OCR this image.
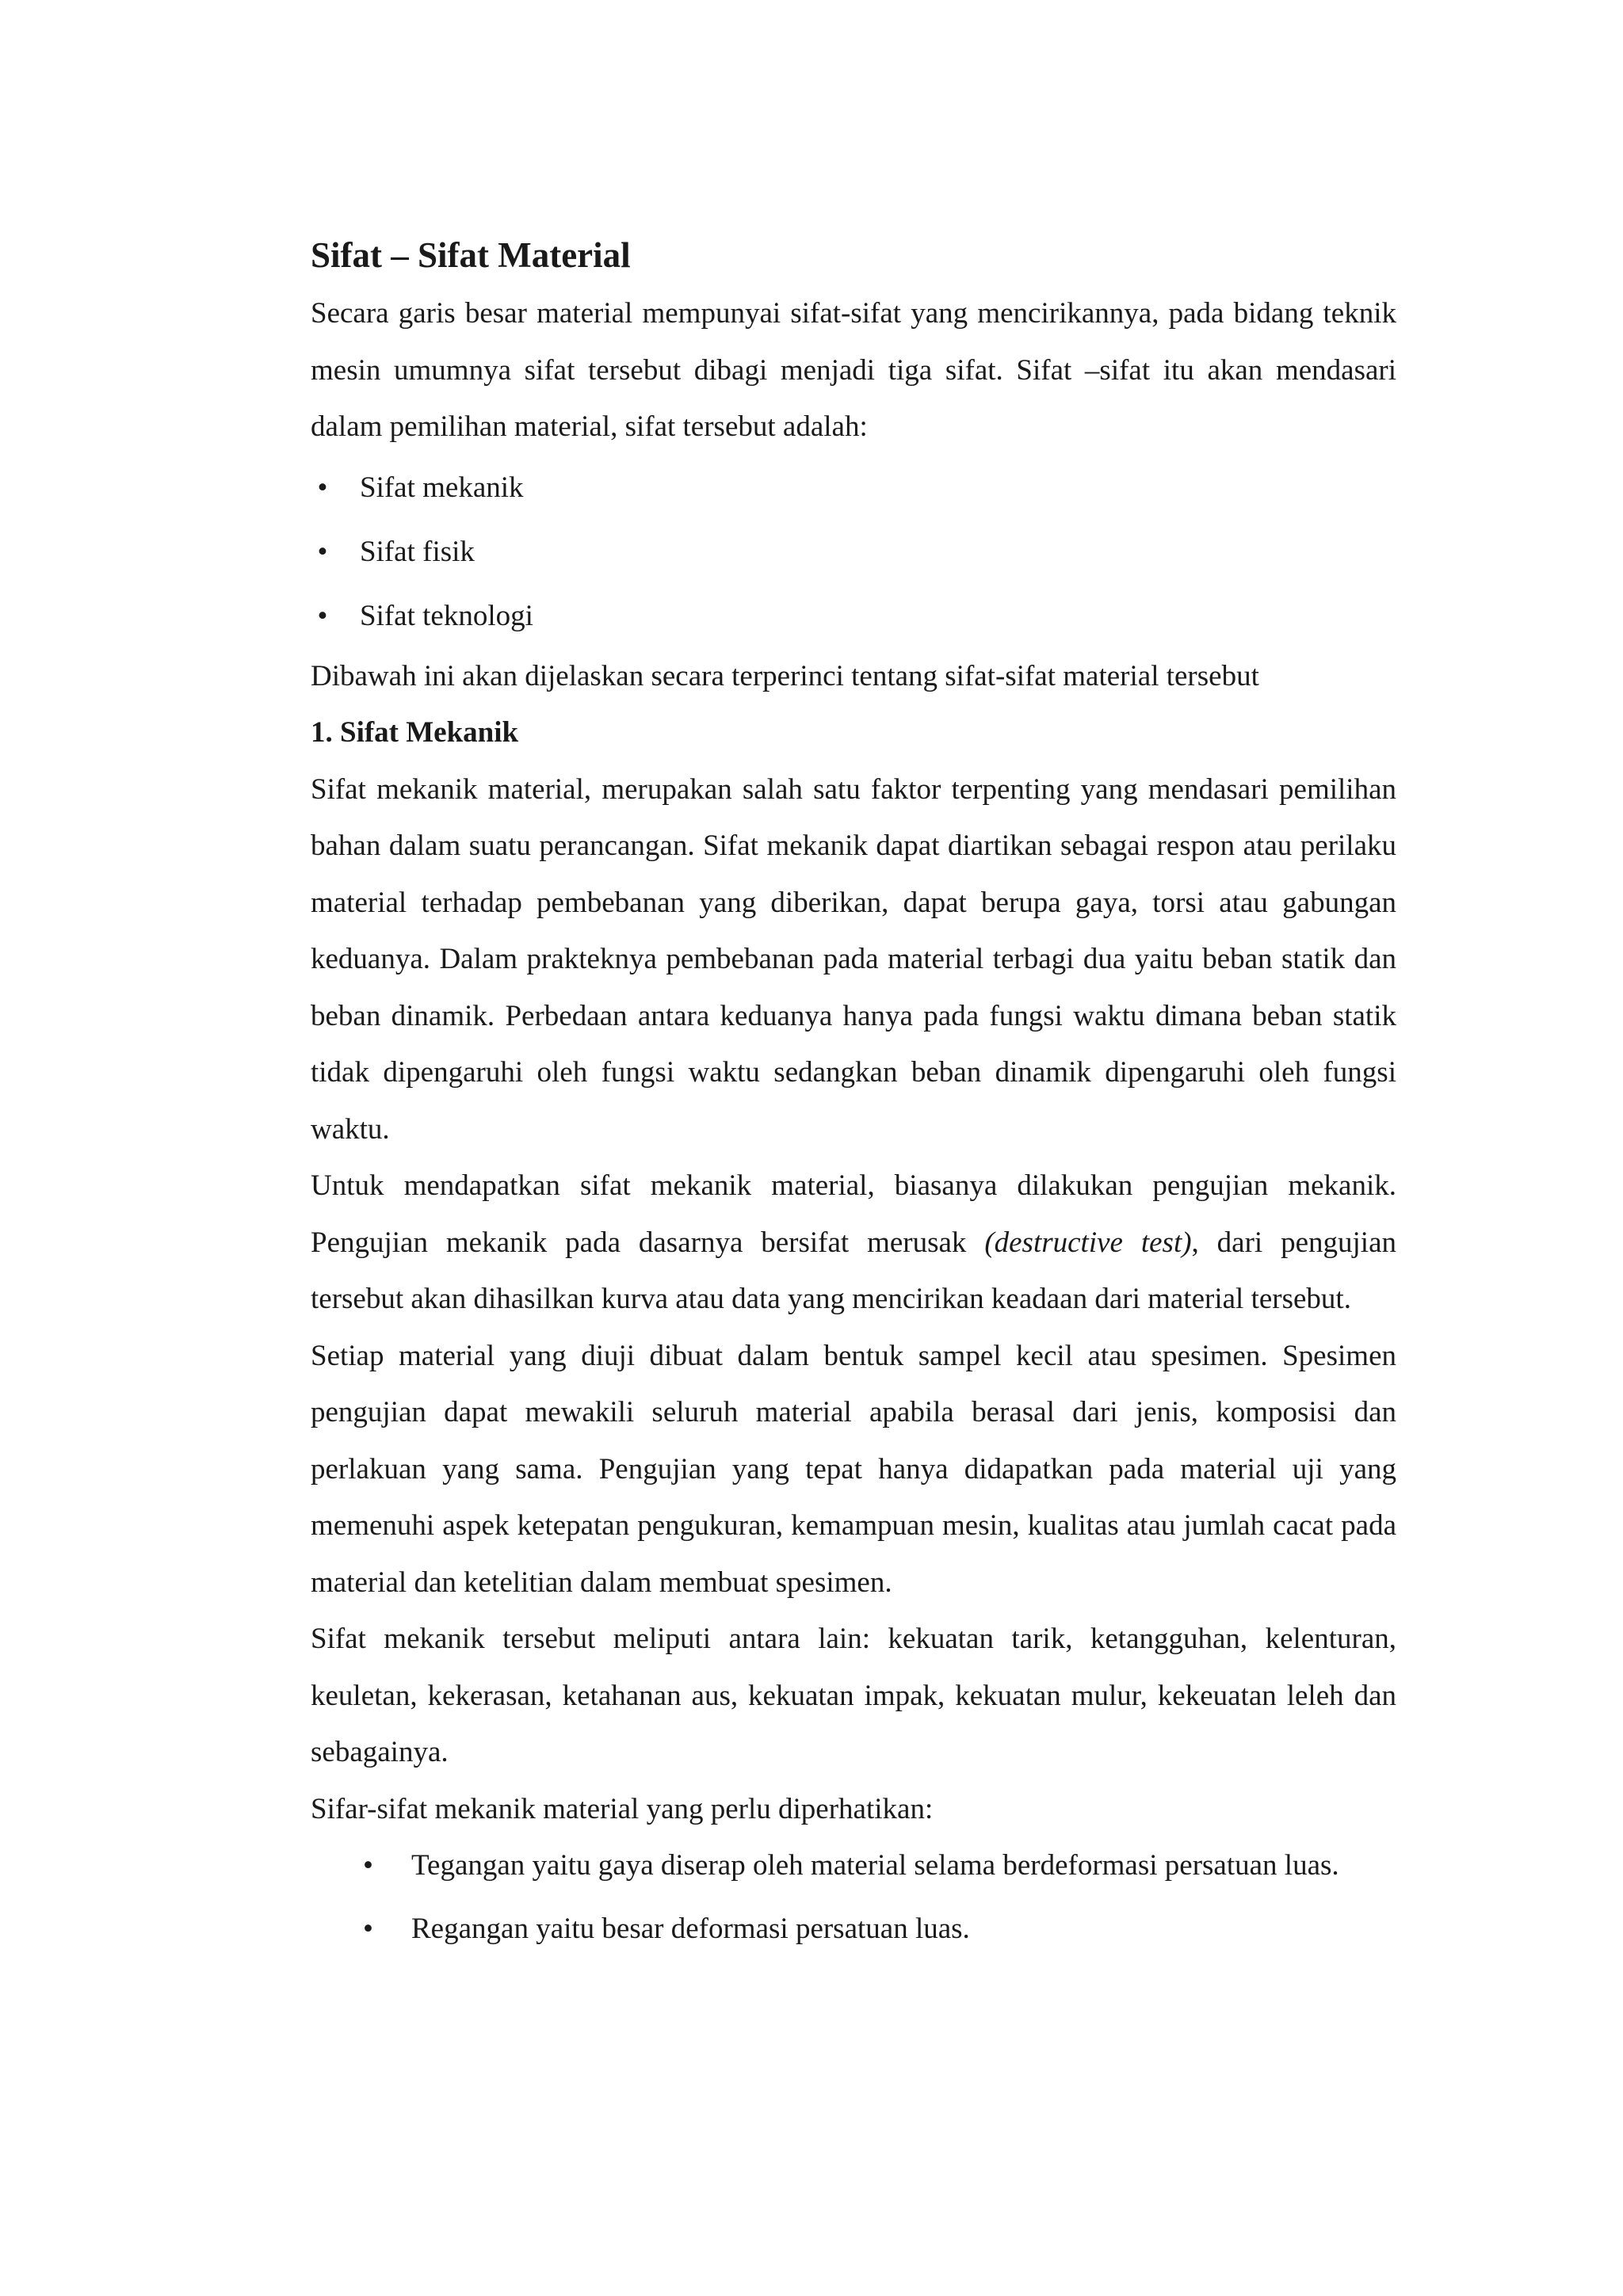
Sifat – Sifat Material

Secara garis besar material mempunyai sifat-sifat yang mencirikannya, pada bidang teknik mesin umumnya sifat tersebut dibagi menjadi tiga sifat. Sifat –sifat itu akan mendasari dalam pemilihan material, sifat tersebut adalah:

• Sifat mekanik
• Sifat fisik
• Sifat teknologi

Dibawah ini akan dijelaskan secara terperinci tentang sifat-sifat material tersebut

1. Sifat Mekanik

Sifat mekanik material, merupakan salah satu faktor terpenting yang mendasari pemilihan bahan dalam suatu perancangan. Sifat mekanik dapat diartikan sebagai respon atau perilaku material terhadap pembebanan yang diberikan, dapat berupa gaya, torsi atau gabungan keduanya. Dalam prakteknya pembebanan pada material terbagi dua yaitu beban statik dan beban dinamik. Perbedaan antara keduanya hanya pada fungsi waktu dimana beban statik tidak dipengaruhi oleh fungsi waktu sedangkan beban dinamik dipengaruhi oleh fungsi waktu.

Untuk mendapatkan sifat mekanik material, biasanya dilakukan pengujian mekanik. Pengujian mekanik pada dasarnya bersifat merusak (destructive test), dari pengujian tersebut akan dihasilkan kurva atau data yang mencirikan keadaan dari material tersebut.

Setiap material yang diuji dibuat dalam bentuk sampel kecil atau spesimen. Spesimen pengujian dapat mewakili seluruh material apabila berasal dari jenis, komposisi dan perlakuan yang sama. Pengujian yang tepat hanya didapatkan pada material uji yang memenuhi aspek ketepatan pengukuran, kemampuan mesin, kualitas atau jumlah cacat pada material dan ketelitian dalam membuat spesimen.

Sifat mekanik tersebut meliputi antara lain: kekuatan tarik, ketangguhan, kelenturan, keuletan, kekerasan, ketahanan aus, kekuatan impak, kekuatan mulur, kekeuatan leleh dan sebagainya.

Sifar-sifat mekanik material yang perlu diperhatikan:

•	Tegangan yaitu gaya diserap oleh material selama berdeformasi persatuan luas.
•	Regangan yaitu besar deformasi persatuan luas.
